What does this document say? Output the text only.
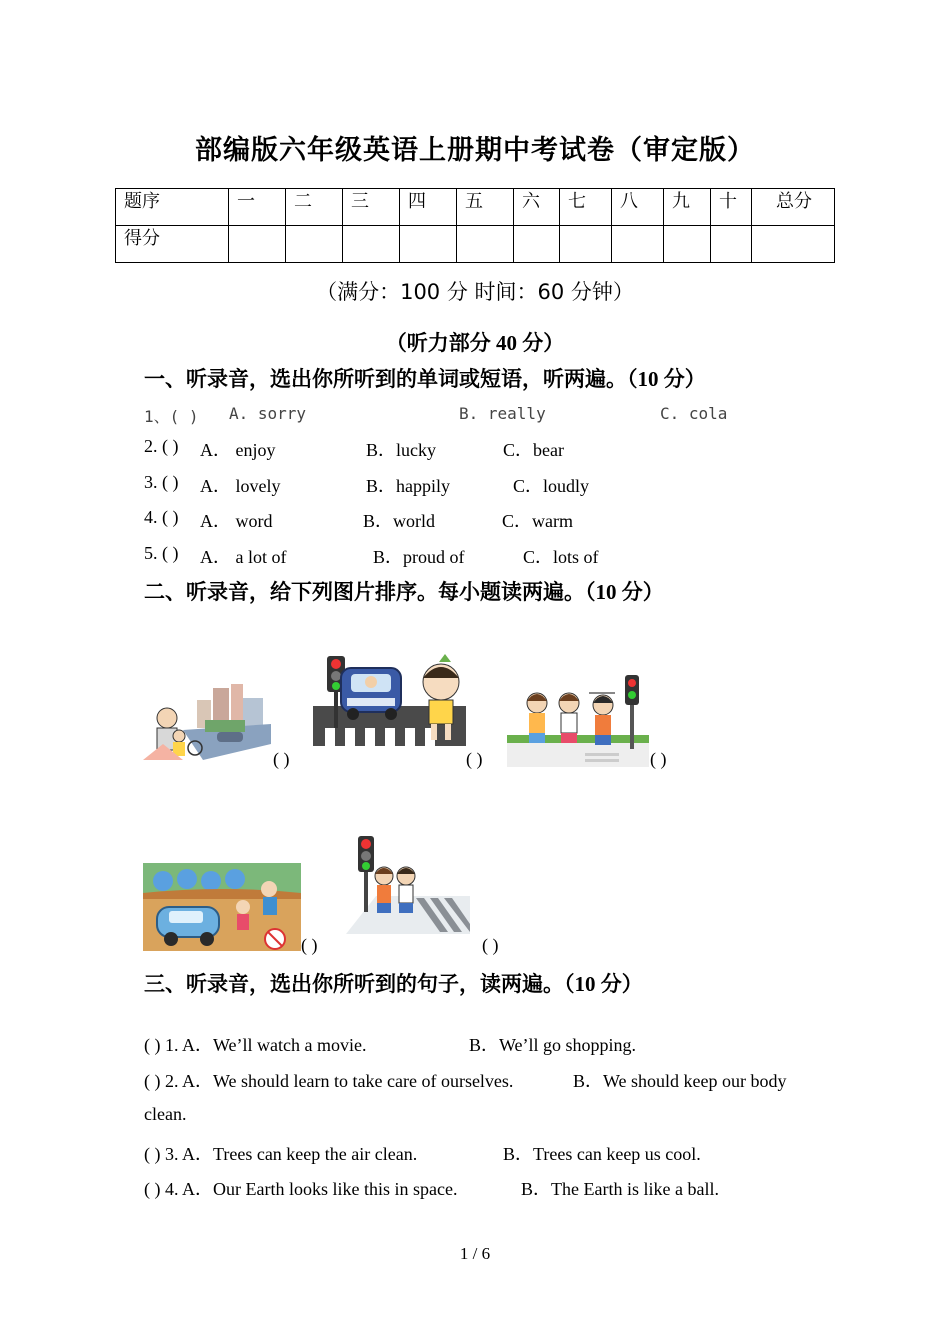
部编版六年级英语上册期中考试卷（审定版）
题序	一	二	三	四	五	六	七	八	九	十	总分
得分											
（满分：100 分 时间：60 分钟）
（听力部分 40 分）
一、听录音，选出你所听到的单词或短语，听两遍。（10 分）
1、( ) A. sorry	B. really	C. cola
2. ( ) A． enjoy	B．lucky	C．bear
3. ( ) A． lovely	B．happily	C．loudly
4. ( ) A． word	B．world	C．warm
5. ( ) A． a lot of	B．proud of	C．lots of
二、听录音，给下列图片排序。每小题读两遍。（10 分）
( )	( )	( )
( )	( )
三、听录音，选出你所听到的句子，读两遍。（10 分）
( ) 1. A．We’ll watch a movie.	B．We’ll go shopping.
( ) 2. A．We should learn to take care of ourselves.	B．We should keep our body
clean.
( ) 3. A．Trees can keep the air clean.	B．Trees can keep us cool.
( ) 4. A．Our Earth looks like this in space.	B．The Earth is like a ball.
1 / 6
